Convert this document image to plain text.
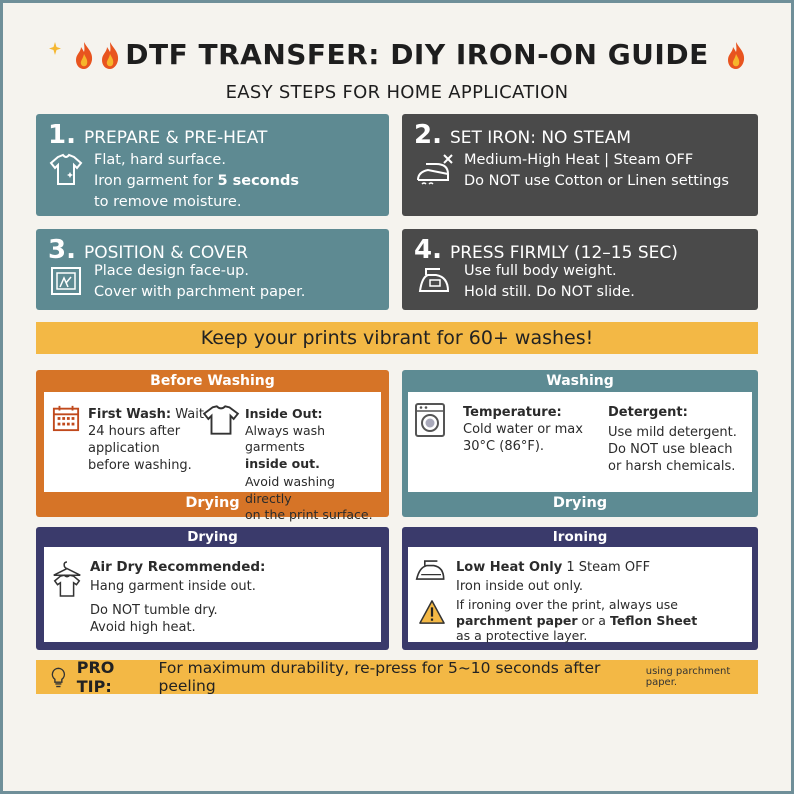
DTF TRANSFER: DIY IRON-ON GUIDE
EASY STEPS FOR HOME APPLICATION
1. PREPARE & PRE-HEAT
Flat, hard surface.
Iron garment for 5 seconds
to remove moisture.
2. SET IRON: NO STEAM
Medium-High Heat | Steam OFF
Do NOT use Cotton or Linen settings
3. POSITION & COVER
Place design face-up.
Cover with parchment paper.
4. PRESS FIRMLY (12–15 SEC)
Use full body weight.
Hold still. Do NOT slide.
Keep your prints vibrant for 60+ washes!
Before Washing
First Wash: Wait
24 hours after
application
before washing.
Inside Out:
Always wash garments
inside out.
Avoid washing directly
on the print surface.
Drying
Washing
Temperature:
Cold water or max
30°C (86°F).
Detergent:
Use mild detergent.
Do NOT use bleach
or harsh chemicals.
Drying
Drying
Air Dry Recommended:
Hang garment inside out.
Do NOT tumble dry.
Avoid high heat.
Ironing
Low Heat Only 1 Steam OFF
Iron inside out only.
If ironing over the print, always use
parchment paper or a Teflon Sheet
as a protective layer.
PRO TIP:
For maximum durability, re-press for 5~10 seconds after peeling
using parchment paper.
